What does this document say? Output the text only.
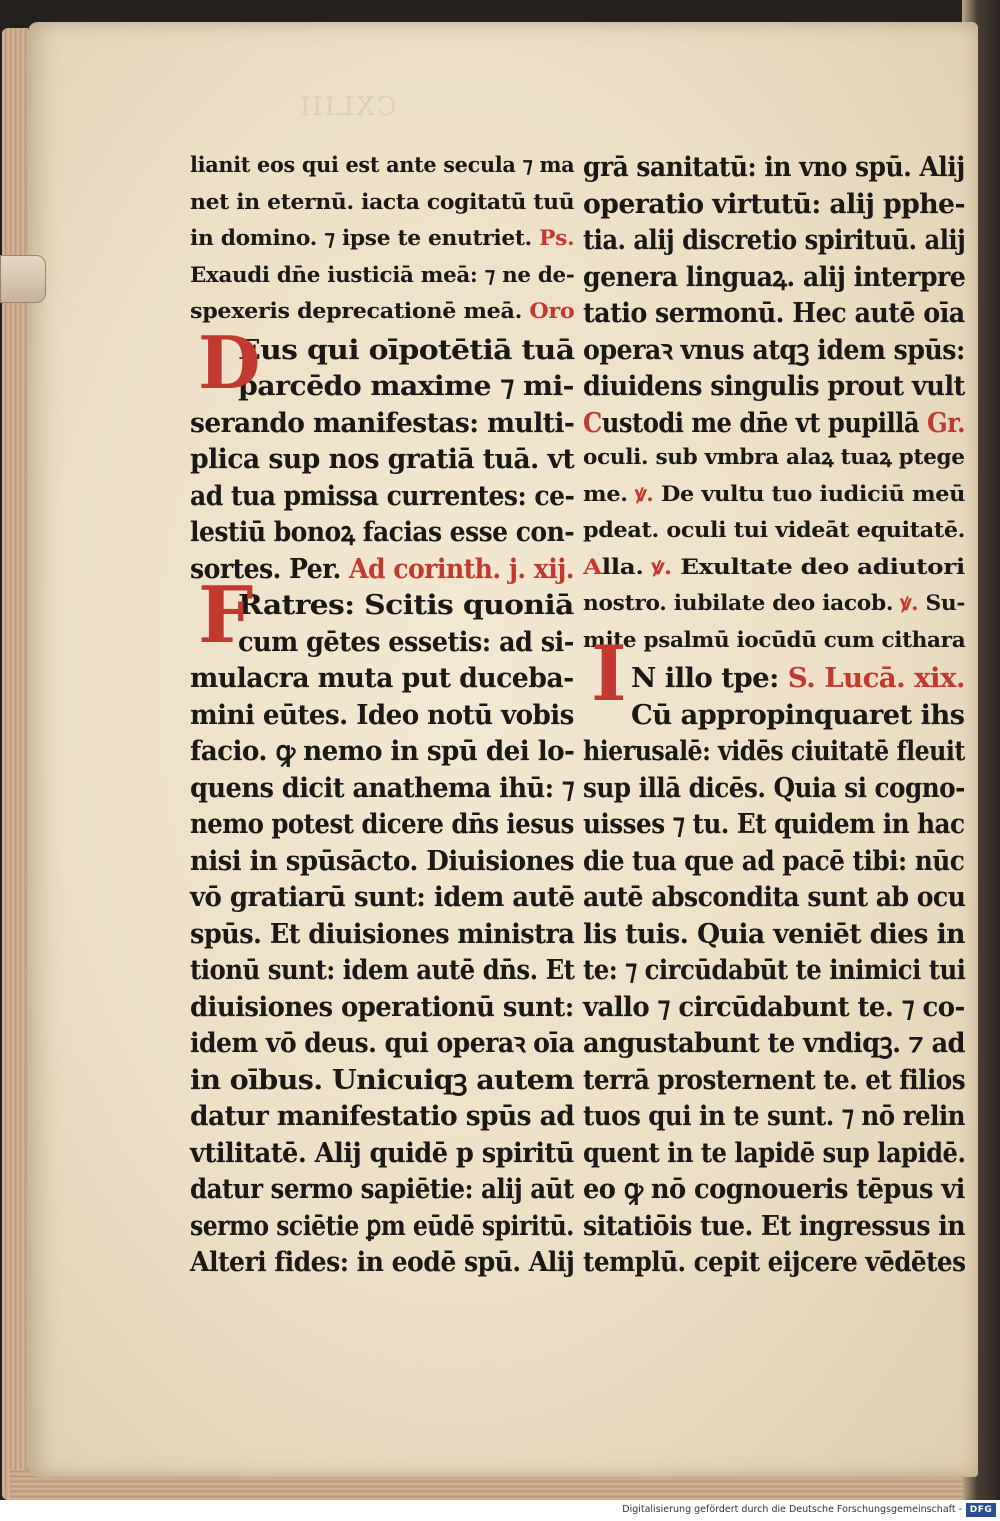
CXLIII
lianit eos qui est ante secula ⁊ ma
net in eternū. iacta cogitatū tuū
in domino. ⁊ ipse te enutriet. Ps.
Exaudi dn̄e iusticiā meā: ⁊ ne de-
spexeris deprecationē meā. Oro
Eus qui oīpotētiā tuā
parcēdo maxime ⁊ mi-
serando manifestas: multi-
plica sup nos gratiā tuā. vt
ad tua pmissa currentes: ce-
lestiū bonoꝝ facias esse con-
sortes. Per. Ad corinth. j. xij.
Ratres: Scitis quoniā
cum gētes essetis: ad si-
mulacra muta put duceba-
mini eūtes. Ideo notū vobis
facio. ꝙ nemo in spū dei lo-
quens dicit anathema ihū: ⁊
nemo potest dicere dn̄s iesus
nisi in spūsācto. Diuisiones
vō gratiarū sunt: idem autē
spūs. Et diuisiones ministra
tionū sunt: idem autē dn̄s. Et
diuisiones operationū sunt:
idem vō deus. qui operaꝛ oīa
in oībus. Unicuiqꝫ autem
datur manifestatio spūs ad
vtilitatē. Alij quidē p spiritū
datur sermo sapiētie: alij aūt
sermo sciētie ꝑm eūdē spiritū.
Alteri fides: in eodē spū. Alij
grā sanitatū: in vno spū. Alij
operatio virtutū: alij pphe-
tia. alij discretio spirituū. alij
genera linguaꝝ. alij interpre
tatio sermonū. Hec autē oīa
operaꝛ vnus atqꝫ idem spūs:
diuidens singulis prout vult
Custodi me dn̄e vt pupillā Gr.
oculi. sub vmbra alaꝝ tuaꝝ ptege
me. ꝟ. De vultu tuo iudiciū meū
pdeat. oculi tui videāt equitatē.
Alla. ꝟ. Exultate deo adiutori
nostro. iubilate deo iacob. ꝟ. Su-
mite psalmū iocūdū cum cithara
N illo tpe: S. Lucā. xix.
Cū appropinquaret ihs
hierusalē: vidēs ciuitatē fleuit
sup illā dicēs. Quia si cogno-
uisses ⁊ tu. Et quidem in hac
die tua que ad pacē tibi: nūc
autē abscondita sunt ab ocu
lis tuis. Quia veniēt dies in
te: ⁊ circūdabūt te inimici tui
vallo ⁊ circūdabunt te. ⁊ co-
angustabunt te vndiqꝫ. ⁊ ad
terrā prosternent te. et filios
tuos qui in te sunt. ⁊ nō relin
quent in te lapidē sup lapidē.
eo ꝙ nō cognoueris tēpus vi
sitatiōis tue. Et ingressus in
templū. cepit eijcere vēdētes
D
F
I
Digitalisierung gefördert durch die Deutsche Forschungsgemeinschaft - DFG
